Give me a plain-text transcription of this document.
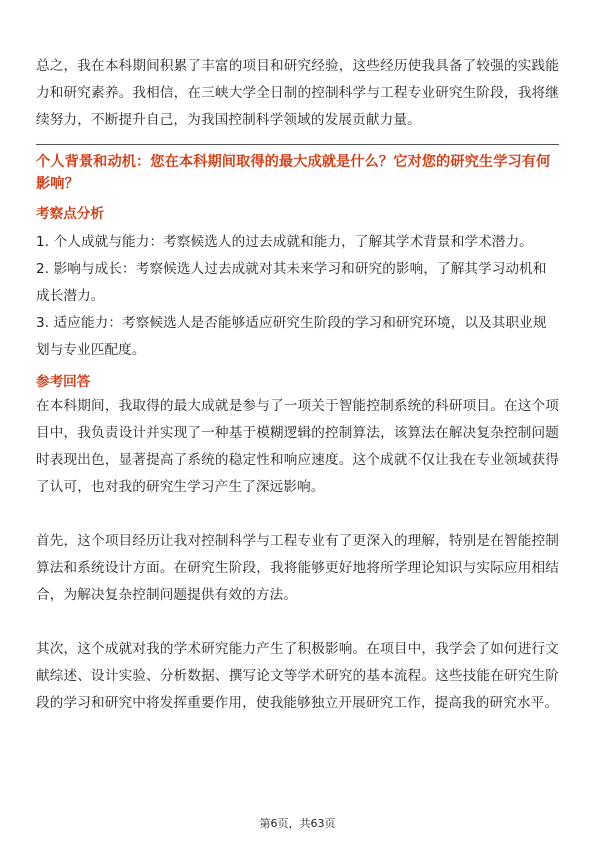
总之，我在本科期间积累了丰富的项目和研究经验，这些经历使我具备了较强的实践能力和研究素养。我相信，在三峡大学全日制的控制科学与工程专业研究生阶段，我将继续努力，不断提升自己，为我国控制科学领域的发展贡献力量。

个人背景和动机：您在本科期间取得的最大成就是什么？它对您的研究生学习有何影响？

考察点分析

1. 个人成就与能力：考察候选人的过去成就和能力，了解其学术背景和学术潜力。

2. 影响与成长：考察候选人过去成就对其未来学习和研究的影响，了解其学习动机和成长潜力。

3. 适应能力：考察候选人是否能够适应研究生阶段的学习和研究环境，以及其职业规划与专业匹配度。

参考回答

在本科期间，我取得的最大成就是参与了一项关于智能控制系统的科研项目。在这个项目中，我负责设计并实现了一种基于模糊逻辑的控制算法，该算法在解决复杂控制问题时表现出色，显著提高了系统的稳定性和响应速度。这个成就不仅让我在专业领域获得了认可，也对我的研究生学习产生了深远影响。

首先，这个项目经历让我对控制科学与工程专业有了更深入的理解，特别是在智能控制算法和系统设计方面。在研究生阶段，我将能够更好地将所学理论知识与实际应用相结合，为解决复杂控制问题提供有效的方法。

其次，这个成就对我的学术研究能力产生了积极影响。在项目中，我学会了如何进行文献综述、设计实验、分析数据、撰写论文等学术研究的基本流程。这些技能在研究生阶段的学习和研究中将发挥重要作用，使我能够独立开展研究工作，提高我的研究水平。

第6页，共63页
